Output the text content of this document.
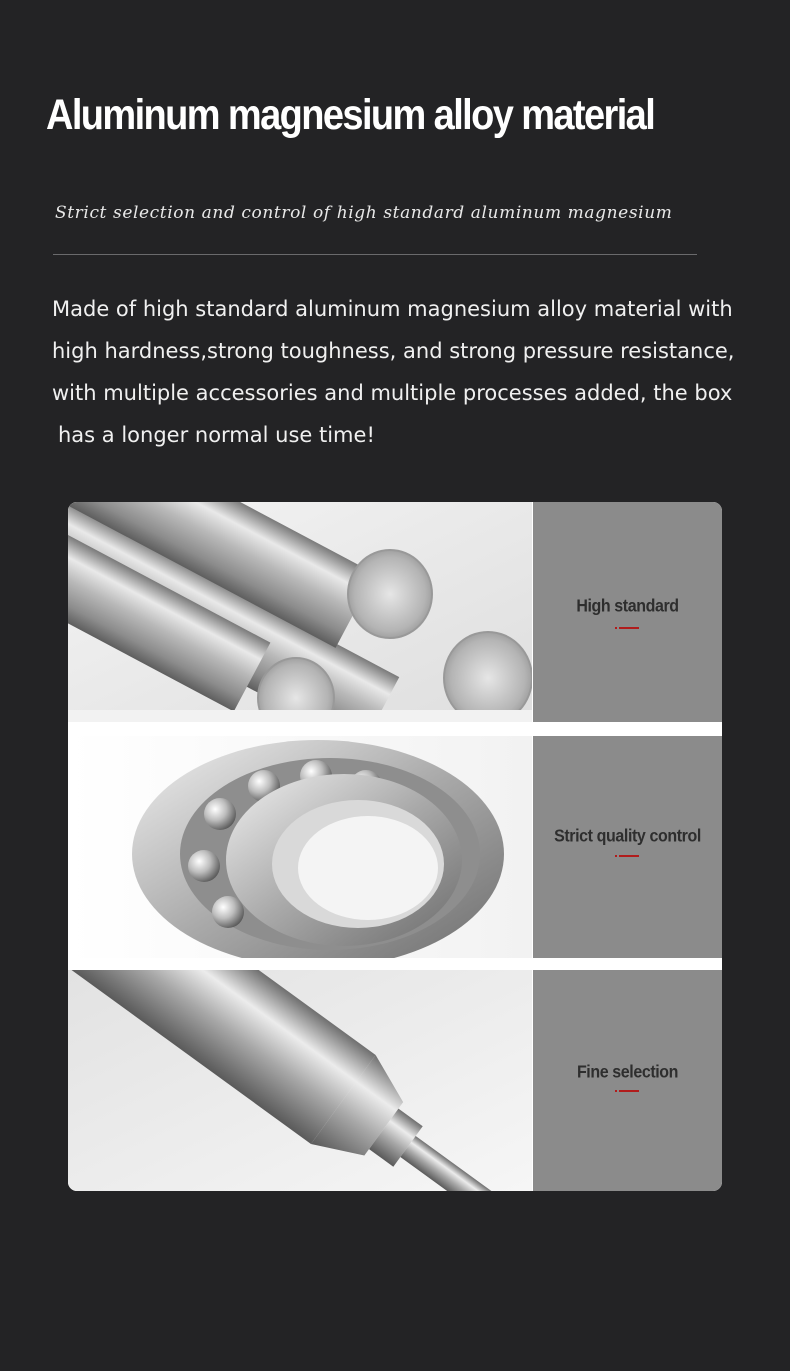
Aluminum magnesium alloy material
Strict selection and control of high standard aluminum magnesium

Made of high standard aluminum magnesium alloy material with
high hardness,strong toughness, and strong pressure resistance,
with multiple accessories and multiple processes added, the box
has a longer normal use time!

High standard
Strict quality control
Fine selection
